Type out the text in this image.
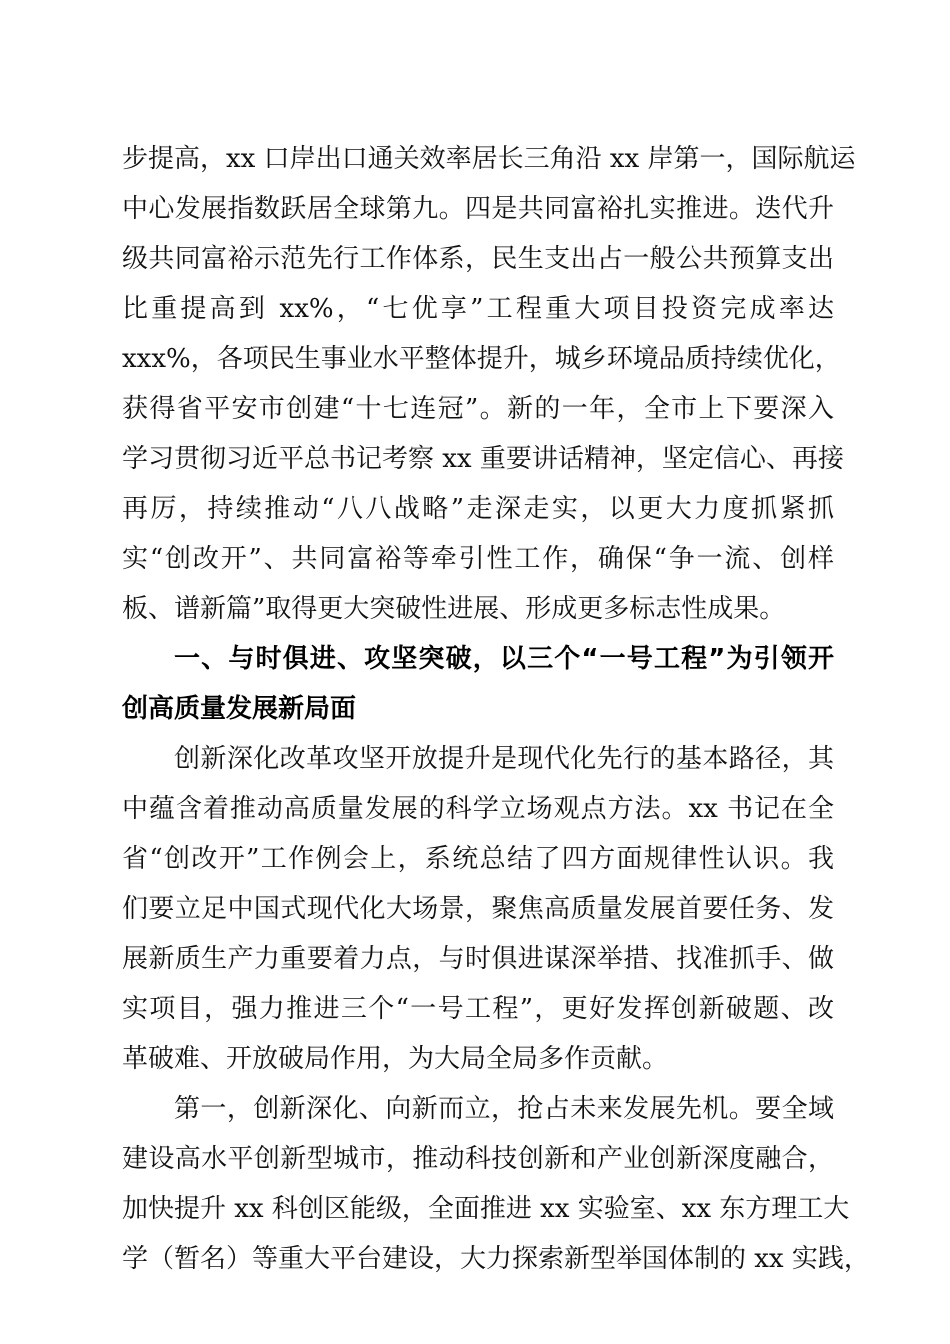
步提高，xx 口岸出口通关效率居长三角沿 xx 岸第一，国际航运
中心发展指数跃居全球第九。四是共同富裕扎实推进。迭代升
级共同富裕示范先行工作体系，民生支出占一般公共预算支出
比重提高到 xx%，“七优享”工程重大项目投资完成率达
xxx%，各项民生事业水平整体提升，城乡环境品质持续优化，
获得省平安市创建“十七连冠”。新的一年，全市上下要深入
学习贯彻习近平总书记考察 xx 重要讲话精神，坚定信心、再接
再厉，持续推动“八八战略”走深走实，以更大力度抓紧抓
实“创改开”、共同富裕等牵引性工作，确保“争一流、创样
板、谱新篇”取得更大突破性进展、形成更多标志性成果。
一、与时俱进、攻坚突破，以三个“一号工程”为引领开
创高质量发展新局面
创新深化改革攻坚开放提升是现代化先行的基本路径，其
中蕴含着推动高质量发展的科学立场观点方法。xx 书记在全
省“创改开”工作例会上，系统总结了四方面规律性认识。我
们要立足中国式现代化大场景，聚焦高质量发展首要任务、发
展新质生产力重要着力点，与时俱进谋深举措、找准抓手、做
实项目，强力推进三个“一号工程”，更好发挥创新破题、改
革破难、开放破局作用，为大局全局多作贡献。
第一，创新深化、向新而立，抢占未来发展先机。要全域
建设高水平创新型城市，推动科技创新和产业创新深度融合，
加快提升 xx 科创区能级，全面推进 xx 实验室、xx 东方理工大
学（暂名）等重大平台建设，大力探索新型举国体制的 xx 实践，
